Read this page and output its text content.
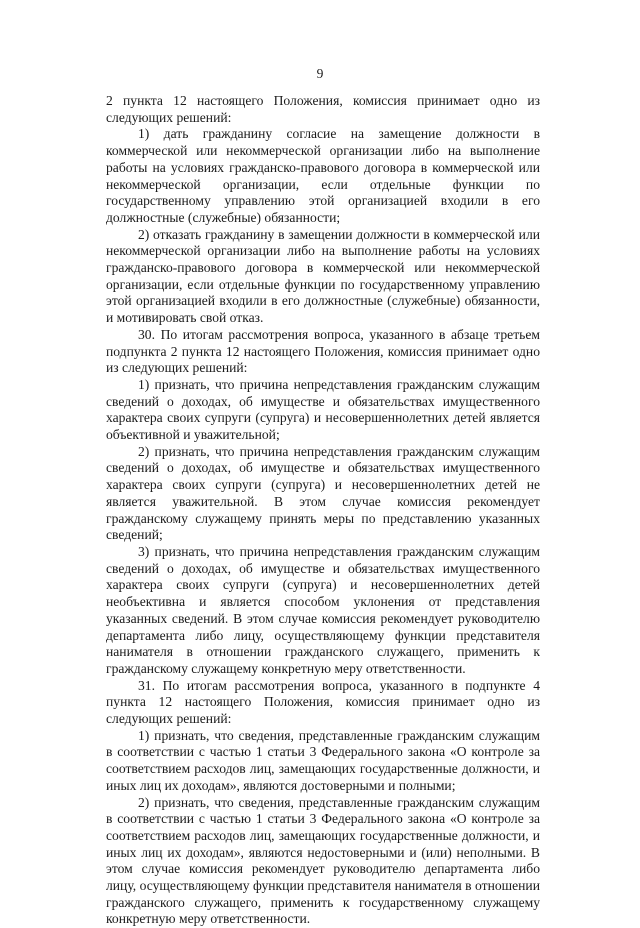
9

2 пункта 12 настоящего Положения, комиссия принимает одно из следующих решений:

1) дать гражданину согласие на замещение должности в коммерческой или некоммерческой организации либо на выполнение работы на условиях гражданско-правового договора в коммерческой или некоммерческой организации, если отдельные функции по государственному управлению этой организацией входили в его должностные (служебные) обязанности;

2) отказать гражданину в замещении должности в коммерческой или некоммерческой организации либо на выполнение работы на условиях гражданско-правового договора в коммерческой или некоммерческой организации, если отдельные функции по государственному управлению этой организацией входили в его должностные (служебные) обязанности, и мотивировать свой отказ.

30. По итогам рассмотрения вопроса, указанного в абзаце третьем подпункта 2 пункта 12 настоящего Положения, комиссия принимает одно из следующих решений:

1) признать, что причина непредставления гражданским служащим сведений о доходах, об имуществе и обязательствах имущественного характера своих супруги (супруга) и несовершеннолетних детей является объективной и уважительной;

2) признать, что причина непредставления гражданским служащим сведений о доходах, об имуществе и обязательствах имущественного характера своих супруги (супруга) и несовершеннолетних детей не является уважительной. В этом случае комиссия рекомендует гражданскому служащему принять меры по представлению указанных сведений;

3) признать, что причина непредставления гражданским служащим сведений о доходах, об имуществе и обязательствах имущественного характера своих супруги (супруга) и несовершеннолетних детей необъективна и является способом уклонения от представления указанных сведений. В этом случае комиссия рекомендует руководителю департамента либо лицу, осуществляющему функции представителя нанимателя в отношении гражданского служащего, применить к гражданскому служащему конкретную меру ответственности.

31. По итогам рассмотрения вопроса, указанного в подпункте 4 пункта 12 настоящего Положения, комиссия принимает одно из следующих решений:

1) признать, что сведения, представленные гражданским служащим в соответствии с частью 1 статьи 3 Федерального закона «О контроле за соответствием расходов лиц, замещающих государственные должности, и иных лиц их доходам», являются достоверными и полными;

2) признать, что сведения, представленные гражданским служащим в соответствии с частью 1 статьи 3 Федерального закона «О контроле за соответствием расходов лиц, замещающих государственные должности, и иных лиц их доходам», являются недостоверными и (или) неполными. В этом случае комиссия рекомендует руководителю департамента либо лицу, осуществляющему функции представителя нанимателя в отношении гражданского служащего, применить к государственному служащему конкретную меру ответственности.
